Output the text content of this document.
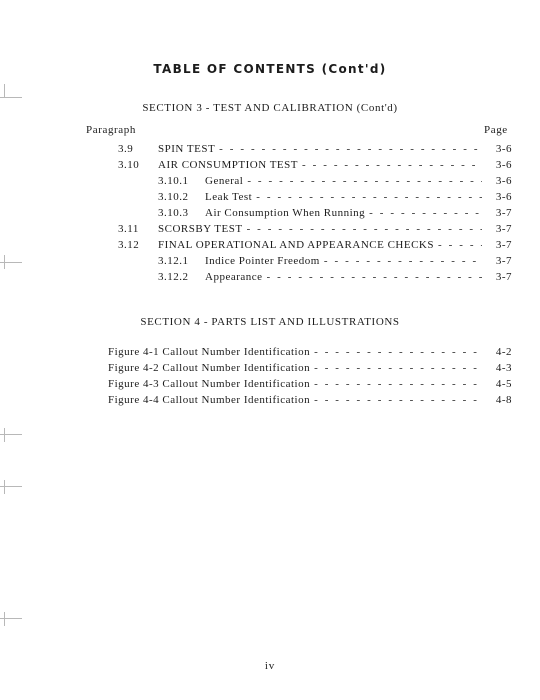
TABLE OF CONTENTS (Cont'd)
SECTION 3 - TEST AND CALIBRATION (Cont'd)
Paragraph	Page
3.9	SPIN TEST - - -	3-6
3.10	AIR CONSUMPTION TEST - - -	3-6
3.10.1	General - - -	3-6
3.10.2	Leak Test - - -	3-6
3.10.3	Air Consumption When Running - - -	3-7
3.11	SCORSBY TEST - - -	3-7
3.12	FINAL OPERATIONAL AND APPEARANCE CHECKS - - -	3-7
3.12.1	Indice Pointer Freedom - - -	3-7
3.12.2	Appearance - - -	3-7
SECTION 4 - PARTS LIST AND ILLUSTRATIONS
Figure 4-1 Callout Number Identification - - -	4-2
Figure 4-2 Callout Number Identification - - -	4-3
Figure 4-3 Callout Number Identification - - -	4-5
Figure 4-4 Callout Number Identification - - -	4-8
iv
